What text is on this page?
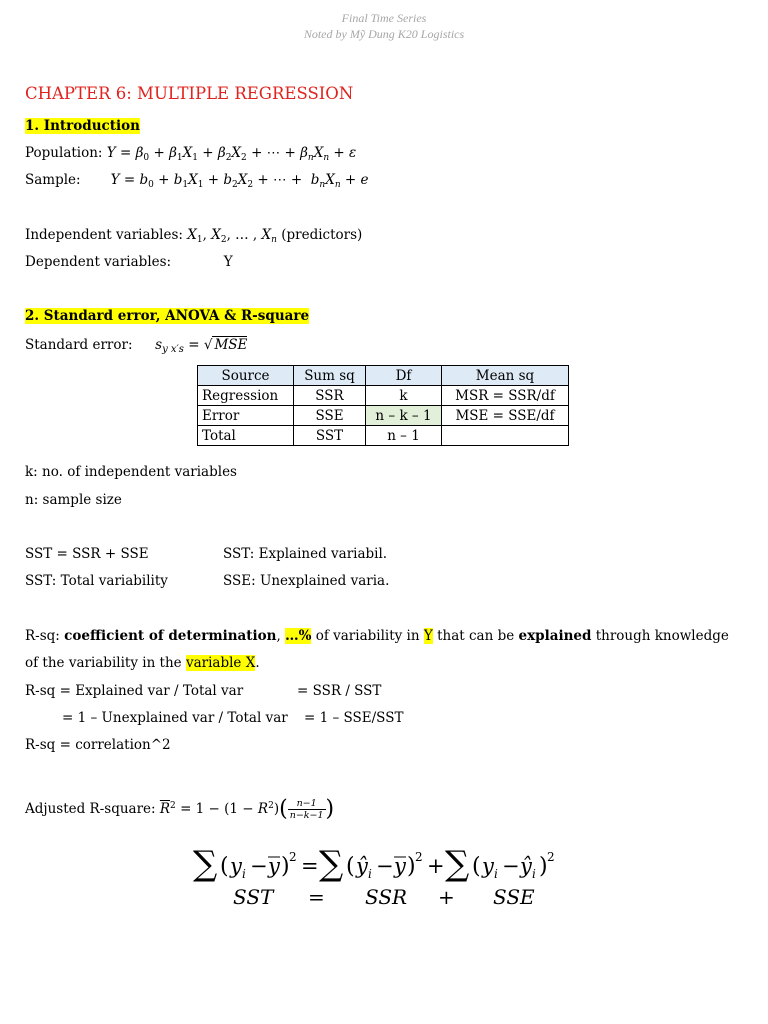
Final Time Series
Noted by Mỹ Dung K20 Logistics
CHAPTER 6: MULTIPLE REGRESSION
1. Introduction
Population: $Y = \beta_0 + \beta_1X_1 + \beta_2X_2$ + ⋯ + $\beta_nX_n + \varepsilon$
Sample: $Y = b_0 + b_1X_1 + b_2X_2$ + ⋯ +  $b_nX_n + e$
Independent variables: $X_1$, $X_2$, … , $X_n$ (predictors)
Dependent variables:	Y
2. Standard error, ANOVA & R-square
Standard error: $s_{y x's}$ = √ MSE
Source	Sum sq	Df	Mean sq
Regression	SSR	k	MSR = SSR/df
Error	SSE	n – k – 1	MSE = SSE/df
Total	SST	n – 1	
k: no. of independent variables
n: sample size
SST = SSR + SSE	SST: Explained variabil.
SST: Total variability	SSE: Unexplained varia.
R-sq: coefficient of determination, …% of variability in Y that can be explained through knowledge
of the variability in the variable X.
R-sq = Explained var / Total var	= SSR / SST
= 1 – Unexplained var / Total var = 1 – SSE/SST
R-sq = correlation^2
Adjusted R-square: $\overline{R}^2 = 1 - (1 - R^2)( \frac{n-1}{n-k-1}$ )
∑ ( y i − y ) 2 = ∑ ( ŷ i − y ) 2 + ∑ ( y i − ŷ i ) 2
SST = SSR + SSE
